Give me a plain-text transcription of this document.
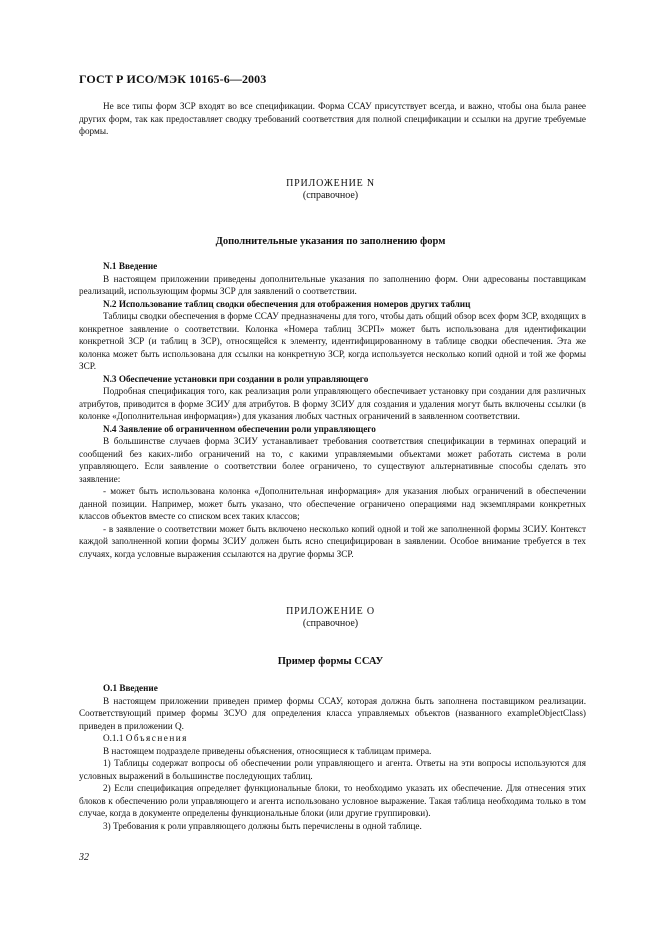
ГОСТ Р ИСО/МЭК 10165-6—2003

Не все типы форм ЗСР входят во все спецификации. Форма ССАУ присутствует всегда, и важно, чтобы она была ранее других форм, так как предоставляет сводку требований соответствия для полной спецификации и ссылки на другие требуемые формы.

ПРИЛОЖЕНИЕ N
(справочное)
Дополнительные указания по заполнению форм

N.1 Введение

В настоящем приложении приведены дополнительные указания по заполнению форм. Они адресованы поставщикам реализаций, использующим формы ЗСР для заявлений о соответствии.

N.2 Использование таблиц сводки обеспечения для отображения номеров других таблиц

Таблицы сводки обеспечения в форме ССАУ предназначены для того, чтобы дать общий обзор всех форм ЗСР, входящих в конкретное заявление о соответствии. Колонка «Номера таблиц ЗСРП» может быть использована для идентификации конкретной ЗСР (и таблиц в ЗСР), относящейся к элементу, идентифицированному в таблице сводки обеспечения. Эта же колонка может быть использована для ссылки на конкретную ЗСР, когда используется несколько копий одной и той же формы ЗСР.

N.3 Обеспечение установки при создании в роли управляющего

Подробная спецификация того, как реализация роли управляющего обеспечивает установку при создании для различных атрибутов, приводится в форме ЗСИУ для атрибутов. В форму ЗСИУ для создания и удаления могут быть включены ссылки (в колонке «Дополнительная информация») для указания любых частных ограничений в заявленном соответствии.

N.4 Заявление об ограниченном обеспечении роли управляющего

В большинстве случаев форма ЗСИУ устанавливает требования соответствия спецификации в терминах операций и сообщений без каких-либо ограничений на то, с какими управляемыми объектами может работать система в роли управляющего. Если заявление о соответствии более ограничено, то существуют альтернативные способы сделать это заявление:

- может быть использована колонка «Дополнительная информация» для указания любых ограничений в обеспечении данной позиции. Например, может быть указано, что обеспечение ограничено операциями над экземплярами конкретных классов объектов вместе со списком всех таких классов;

- в заявление о соответствии может быть включено несколько копий одной и той же заполненной формы ЗСИУ. Контекст каждой заполненной копии формы ЗСИУ должен быть ясно специфицирован в заявлении. Особое внимание требуется в тех случаях, когда условные выражения ссылаются на другие формы ЗСР.

ПРИЛОЖЕНИЕ О
(справочное)
Пример формы ССАУ

О.1 Введение

В настоящем приложении приведен пример формы ССАУ, которая должна быть заполнена поставщиком реализации. Соответствующий пример формы ЗСУО для определения класса управляемых объектов (названного exampleObjectClass) приведен в приложении Q.

О.1.1 Объяснения

В настоящем подразделе приведены объяснения, относящиеся к таблицам примера.

1) Таблицы содержат вопросы об обеспечении роли управляющего и агента. Ответы на эти вопросы используются для условных выражений в большинстве последующих таблиц.

2) Если спецификация определяет функциональные блоки, то необходимо указать их обеспечение. Для отнесения этих блоков к обеспечению роли управляющего и агента использовано условное выражение. Такая таблица необходима только в том случае, когда в документе определены функциональные блоки (или другие группировки).

3) Требования к роли управляющего должны быть перечислены в одной таблице.

32
